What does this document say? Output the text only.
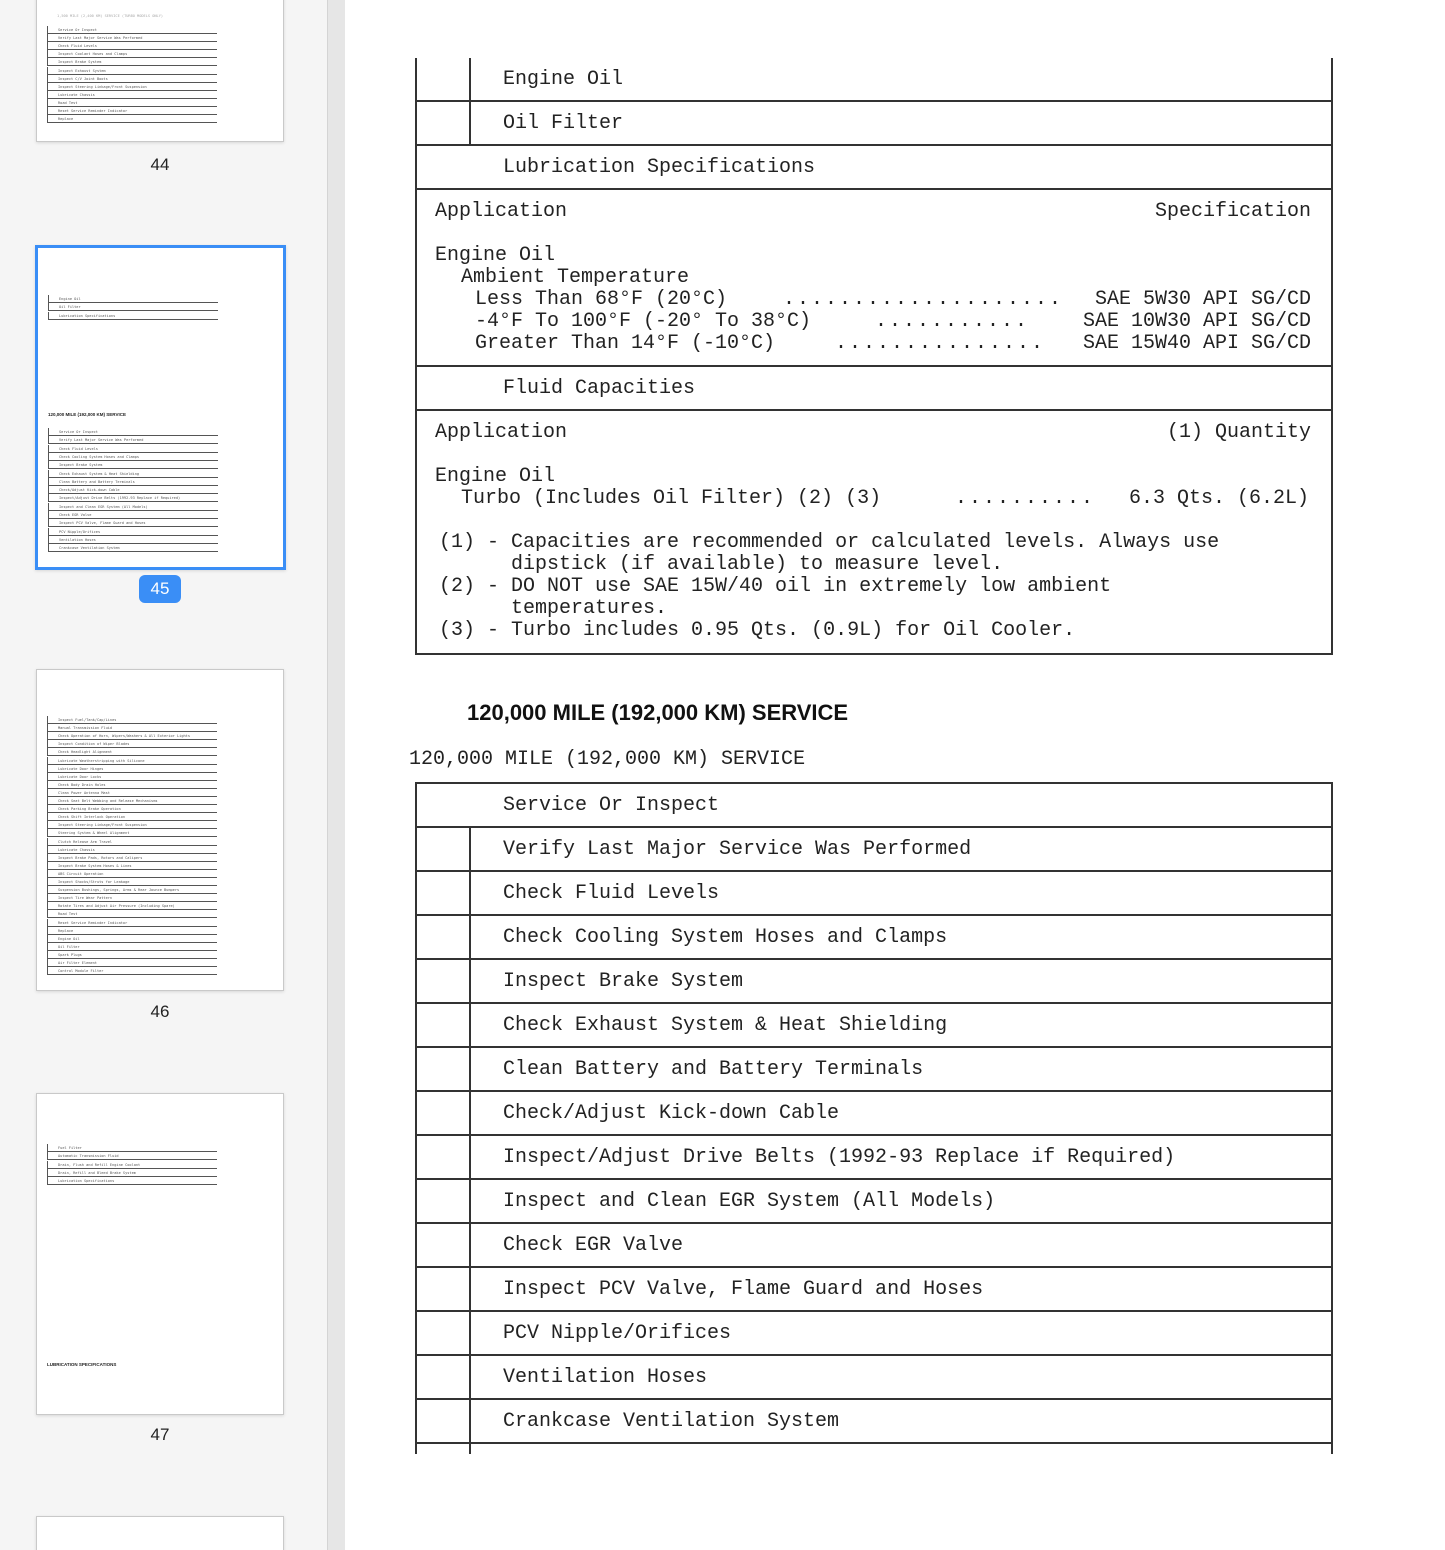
1,500 MILE (2,400 KM) SERVICE (TURBO MODELS ONLY)
Service Or Inspect
Verify Last Major Service Was Performed
Check Fluid Levels
Inspect Coolant Hoses and Clamps
Inspect Brake System
Inspect Exhaust System
Inspect C/V Joint Boots
Inspect Steering Linkage/Front Suspension
Lubricate Chassis
Road Test
Reset Service Reminder Indicator
Replace
44
Engine Oil
Oil Filter
Lubrication Specifications
120,000 MILE (192,000 KM) SERVICE
Service Or Inspect
Verify Last Major Service Was Performed
Check Fluid Levels
Check Cooling System Hoses and Clamps
Inspect Brake System
Check Exhaust System & Heat Shielding
Clean Battery and Battery Terminals
Check/Adjust Kick-down Cable
Inspect/Adjust Drive Belts (1992-93 Replace if Required)
Inspect and Clean EGR System (All Models)
Check EGR Valve
Inspect PCV Valve, Flame Guard and Hoses
PCV Nipple/Orifices
Ventilation Hoses
Crankcase Ventilation System
45
Inspect Fuel/Tank/Cap/Lines
Manual Transmission Fluid
Check Operation of Horn, Wipers/Washers & All Exterior Lights
Inspect Condition of Wiper Blades
Check Headlight Alignment
Lubricate Weatherstripping with Silicone
Lubricate Door Hinges
Lubricate Door Locks
Check Body Drain Holes
Clean Power Antenna Mast
Check Seat Belt Webbing and Release Mechanisms
Check Parking Brake Operation
Check Shift Interlock Operation
Inspect Steering Linkage/Front Suspension
Steering System & Wheel Alignment
Clutch Release Arm Travel
Lubricate Chassis
Inspect Brake Pads, Rotors and Calipers
Inspect Brake System Hoses & Lines
ABS Circuit Operation
Inspect Shocks/Struts for Leakage
Suspension Bushings, Springs, Arms & Rear Jounce Bumpers
Inspect Tire Wear Pattern
Rotate Tires and Adjust Air Pressure (Including Spare)
Road Test
Reset Service Reminder Indicator
Replace
Engine Oil
Oil Filter
Spark Plugs
Air Filter Element
Control Module Filter
46
Fuel Filter
Automatic Transmission Fluid
Drain, Flush and Refill Engine Coolant
Drain, Refill and Bleed Brake System
Lubrication Specifications
LUBRICATION SPECIFICATIONS
47
Engine Oil
Oil Filter
Lubrication Specifications
Application	Specification
Engine Oil
Ambient Temperature
Less Than 68°F (20°C)	.................... SAE 5W30 API SG/CD
-4°F To 100°F (-20° To 38°C)	...........	SAE 10W30 API SG/CD
Greater Than 14°F (-10°C)	............... SAE 15W40 API SG/CD
Fluid Capacities
Application	(1) Quantity
Engine Oil
Turbo (Includes Oil Filter) (2) (3)	.......... 6.3 Qts. (6.2L)
(1) - Capacities are recommended or calculated levels. Always use
dipstick (if available) to measure level.
(2) - DO NOT use SAE 15W/40 oil in extremely low ambient
temperatures.
(3) - Turbo includes 0.95 Qts. (0.9L) for Oil Cooler.
120,000 MILE (192,000 KM) SERVICE
120,000 MILE (192,000 KM) SERVICE
Service Or Inspect
Verify Last Major Service Was Performed
Check Fluid Levels
Check Cooling System Hoses and Clamps
Inspect Brake System
Check Exhaust System & Heat Shielding
Clean Battery and Battery Terminals
Check/Adjust Kick-down Cable
Inspect/Adjust Drive Belts (1992-93 Replace if Required)
Inspect and Clean EGR System (All Models)
Check EGR Valve
Inspect PCV Valve, Flame Guard and Hoses
PCV Nipple/Orifices
Ventilation Hoses
Crankcase Ventilation System
